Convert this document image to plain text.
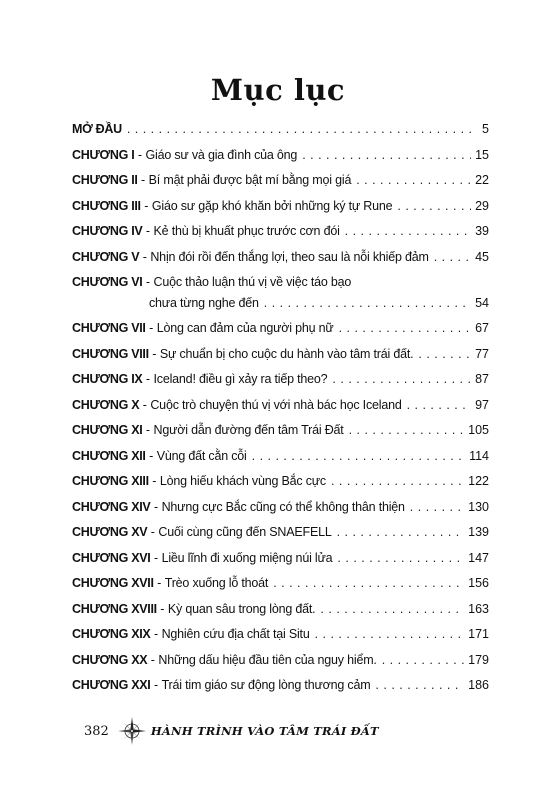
Mục lục
MỞ ĐẦU . . .	5
CHƯƠNG I - Giáo sư và gia đình của ông . . .	15
CHƯƠNG II - Bí mật phải được bật mí bằng mọi giá . . .	22
CHƯƠNG III - Giáo sư gặp khó khăn bởi những ký tự Rune . . .	29
CHƯƠNG IV - Kẻ thù bị khuất phục trước cơn đói . . .	39
CHƯƠNG V - Nhịn đói rồi đến thắng lợi, theo sau là nỗi khiếp đảm . . .	45
CHƯƠNG VI - Cuộc thảo luận thú vị về việc táo bạo
chưa từng nghe đến . . .	54
CHƯƠNG VII - Lòng can đảm của người phụ nữ . . .	67
CHƯƠNG VIII - Sự chuẩn bị cho cuộc du hành vào tâm trái đất. . . .	77
CHƯƠNG IX - Iceland! điều gì xảy ra tiếp theo? . . .	87
CHƯƠNG X - Cuộc trò chuyện thú vị với nhà bác học Iceland . . .	97
CHƯƠNG XI - Người dẫn đường đến tâm Trái Đất . . .	105
CHƯƠNG XII - Vùng đất cằn cỗi . . .	114
CHƯƠNG XIII - Lòng hiếu khách vùng Bắc cực . . .	122
CHƯƠNG XIV - Nhưng cực Bắc cũng có thể không thân thiện . . .	130
CHƯƠNG XV - Cuối cùng cũng đến SNAEFELL . . .	139
CHƯƠNG XVI - Liều lĩnh đi xuống miệng núi lửa . . .	147
CHƯƠNG XVII - Trèo xuống lỗ thoát . . .	156
CHƯƠNG XVIII - Kỳ quan sâu trong lòng đất. . . .	163
CHƯƠNG XIX - Nghiên cứu địa chất tại Situ . . .	171
CHƯƠNG XX - Những dấu hiệu đầu tiên của nguy hiểm. . . .	179
CHƯƠNG XXI - Trái tim giáo sư động lòng thương cảm . . .	186
382	HÀNH TRÌNH VÀO TÂM TRÁI ĐẤT
